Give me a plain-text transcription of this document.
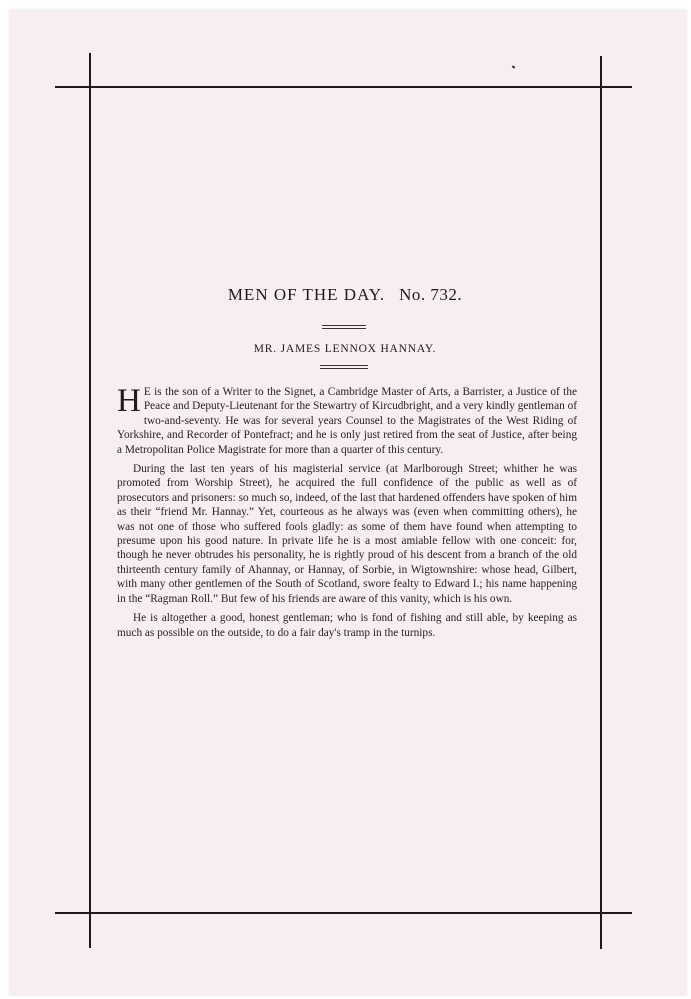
MEN OF THE DAY. No. 732.
MR. JAMES LENNOX HANNAY.

H E is the son of a Writer to the Signet, a Cambridge Master of Arts, a Barrister, a Justice of the Peace and Deputy-Lieutenant for the Stewartry of Kircudbright, and a very kindly gentleman of two-and-seventy. He was for several years Counsel to the Magistrates of the West Riding of Yorkshire, and Recorder of Pontefract; and he is only just retired from the seat of Justice, after being a Metropolitan Police Magistrate for more than a quarter of this century.

During the last ten years of his magisterial service (at Marlborough Street; whither he was promoted from Worship Street), he acquired the full confidence of the public as well as of prosecutors and prisoners: so much so, indeed, of the last that hardened offenders have spoken of him as their “friend Mr. Hannay.” Yet, courteous as he always was (even when committing others), he was not one of those who suffered fools gladly: as some of them have found when attempting to presume upon his good nature. In private life he is a most amiable fellow with one conceit: for, though he never obtrudes his personality, he is rightly proud of his descent from a branch of the old thirteenth century family of Ahannay, or Hannay, of Sorbie, in Wigtownshire: whose head, Gilbert, with many other gentlemen of the South of Scotland, swore fealty to Edward I.; his name happening in the “Ragman Roll.” But few of his friends are aware of this vanity, which is his own.

He is altogether a good, honest gentleman; who is fond of fishing and still able, by keeping as much as possible on the outside, to do a fair day's tramp in the turnips.
